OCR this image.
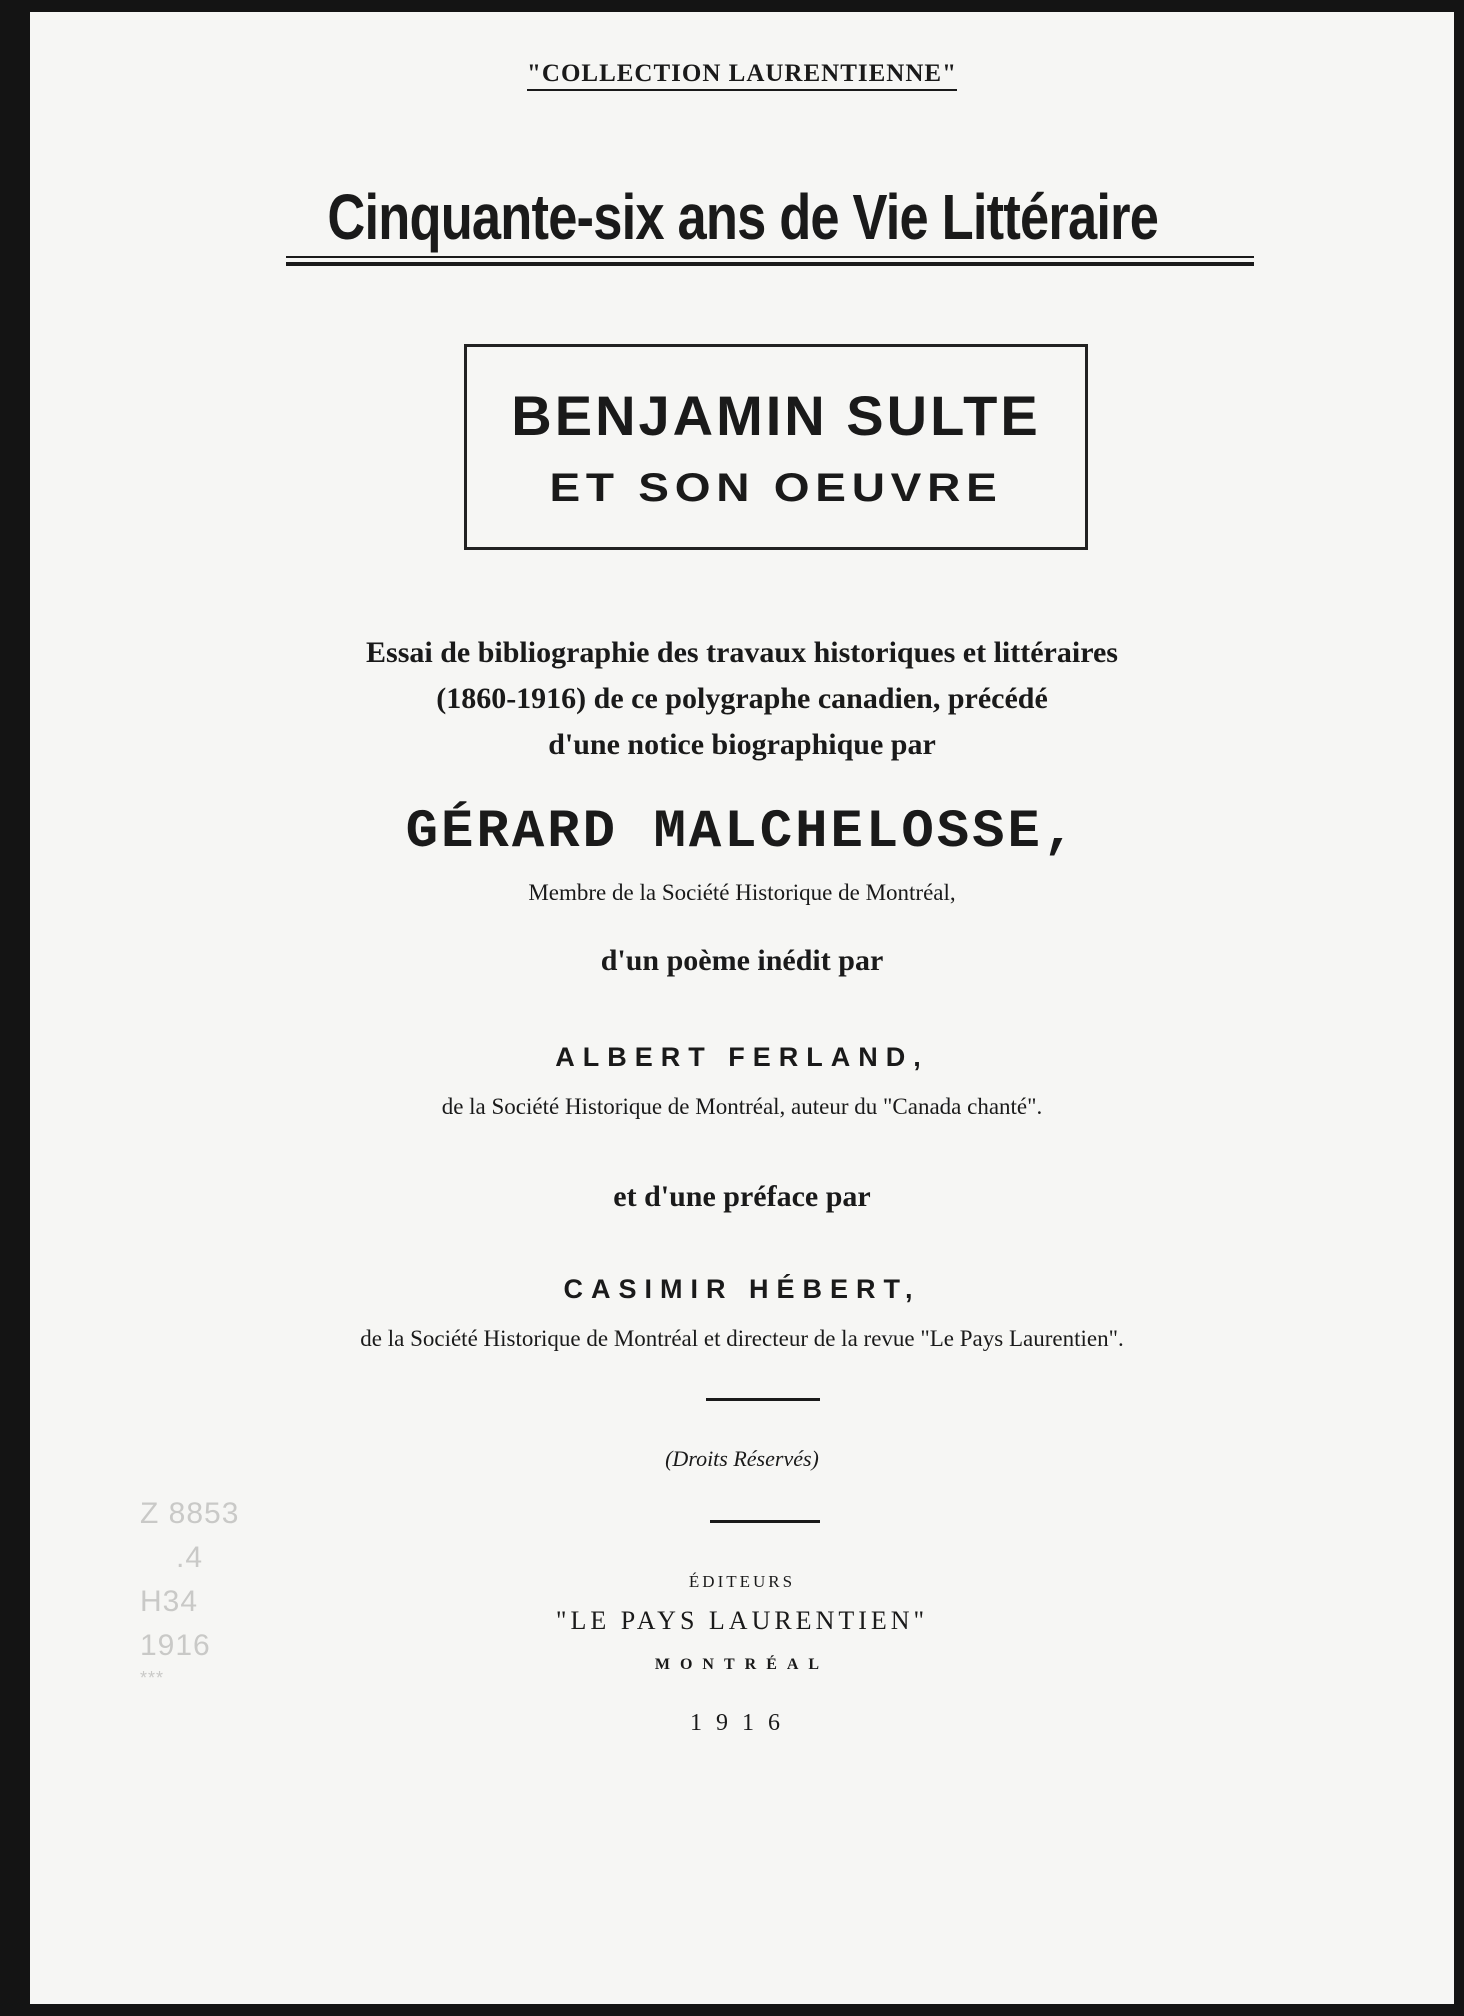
"COLLECTION LAURENTIENNE"
Cinquante-six ans de Vie Littéraire
BENJAMIN SULTE
ET SON OEUVRE
Essai de bibliographie des travaux historiques et littéraires
(1860-1916) de ce polygraphe canadien, précédé
d'une notice biographique par
GÉRARD MALCHELOSSE,
Membre de la Société Historique de Montréal,
d'un poème inédit par
ALBERT FERLAND,
de la Société Historique de Montréal, auteur du "Canada chanté".
et d'une préface par
CASIMIR HÉBERT,
de la Société Historique de Montréal et directeur de la revue "Le Pays Laurentien".
(Droits Réservés)
ÉDITEURS
"LE PAYS LAURENTIEN"
MONTRÉAL
1916
Z 8853
.4
H34
1916
***
